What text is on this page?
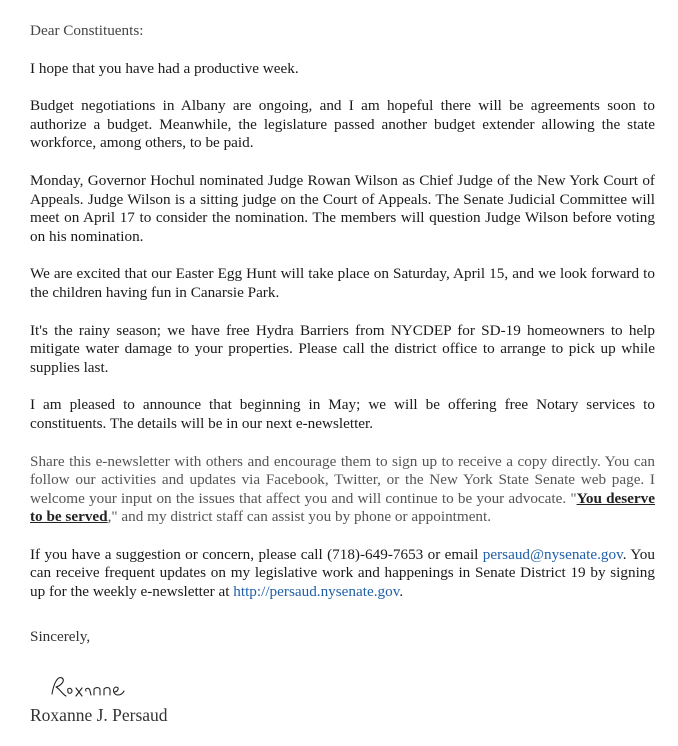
Dear Constituents:

I hope that you have had a productive week.

Budget negotiations in Albany are ongoing, and I am hopeful there will be agreements soon to authorize a budget. Meanwhile, the legislature passed another budget extender allowing the state workforce, among others, to be paid.

Monday, Governor Hochul nominated Judge Rowan Wilson as Chief Judge of the New York Court of Appeals. Judge Wilson is a sitting judge on the Court of Appeals. The Senate Judicial Committee will meet on April 17 to consider the nomination. The members will question Judge Wilson before voting on his nomination.

We are excited that our Easter Egg Hunt will take place on Saturday, April 15, and we look forward to the children having fun in Canarsie Park.

It's the rainy season; we have free Hydra Barriers from NYCDEP for SD-19 homeowners to help mitigate water damage to your properties. Please call the district office to arrange to pick up while supplies last.

I am pleased to announce that beginning in May; we will be offering free Notary services to constituents. The details will be in our next e-newsletter.

Share this e-newsletter with others and encourage them to sign up to receive a copy directly. You can follow our activities and updates via Facebook, Twitter, or the New York State Senate web page. I welcome your input on the issues that affect you and will continue to be your advocate. "You deserve to be served," and my district staff can assist you by phone or appointment.

If you have a suggestion or concern, please call (718)-649-7653 or email persaud@nysenate.gov. You can receive frequent updates on my legislative work and happenings in Senate District 19 by signing up for the weekly e-newsletter at http://persaud.nysenate.gov.

Sincerely,

Roxanne J. Persaud
